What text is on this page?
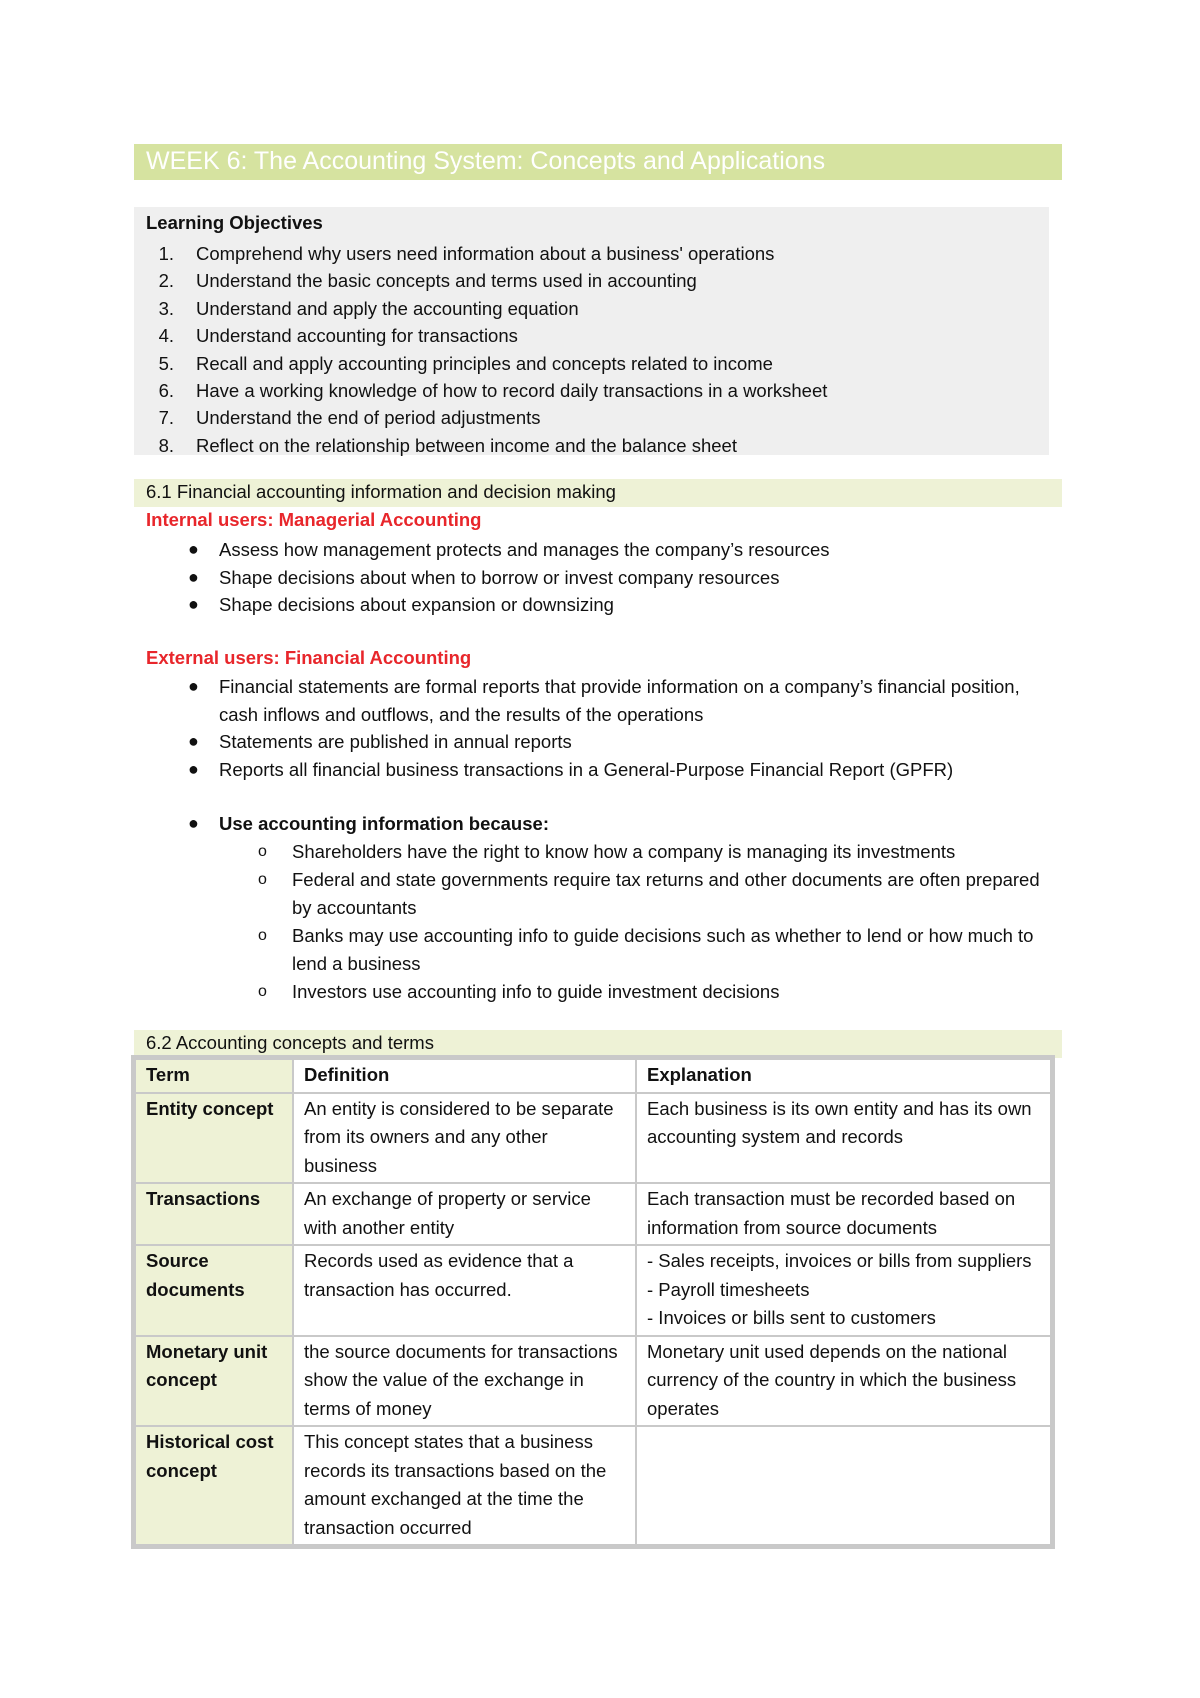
WEEK 6: The Accounting System: Concepts and Applications
Learning Objectives
1. Comprehend why users need information about a business' operations
2. Understand the basic concepts and terms used in accounting
3. Understand and apply the accounting equation
4. Understand accounting for transactions
5. Recall and apply accounting principles and concepts related to income
6. Have a working knowledge of how to record daily transactions in a worksheet
7. Understand the end of period adjustments
8. Reflect on the relationship between income and the balance sheet
6.1 Financial accounting information and decision making
Internal users: Managerial Accounting
● Assess how management protects and manages the company’s resources
● Shape decisions about when to borrow or invest company resources
● Shape decisions about expansion or downsizing
External users: Financial Accounting
● Financial statements are formal reports that provide information on a company’s financial position, cash inflows and outflows, and the results of the operations
● Statements are published in annual reports
● Reports all financial business transactions in a General-Purpose Financial Report (GPFR)
● Use accounting information because:
o Shareholders have the right to know how a company is managing its investments
o Federal and state governments require tax returns and other documents are often prepared by accountants
o Banks may use accounting info to guide decisions such as whether to lend or how much to lend a business
o Investors use accounting info to guide investment decisions
6.2 Accounting concepts and terms
Term	Definition	Explanation
Entity concept	An entity is considered to be separate from its owners and any other business	Each business is its own entity and has its own accounting system and records

Transactions	An exchange of property or service with another entity	Each transaction must be recorded based on information from source documents

Source documents	Records used as evidence that a transaction has occurred.	- Sales receipts, invoices or bills from suppliers
- Payroll timesheets
- Invoices or bills sent to customers

Monetary unit concept	the source documents for transactions show the value of the exchange in terms of money	Monetary unit used depends on the national currency of the country in which the business operates

Historical cost concept	This concept states that a business records its transactions based on the amount exchanged at the time the transaction occurred	
